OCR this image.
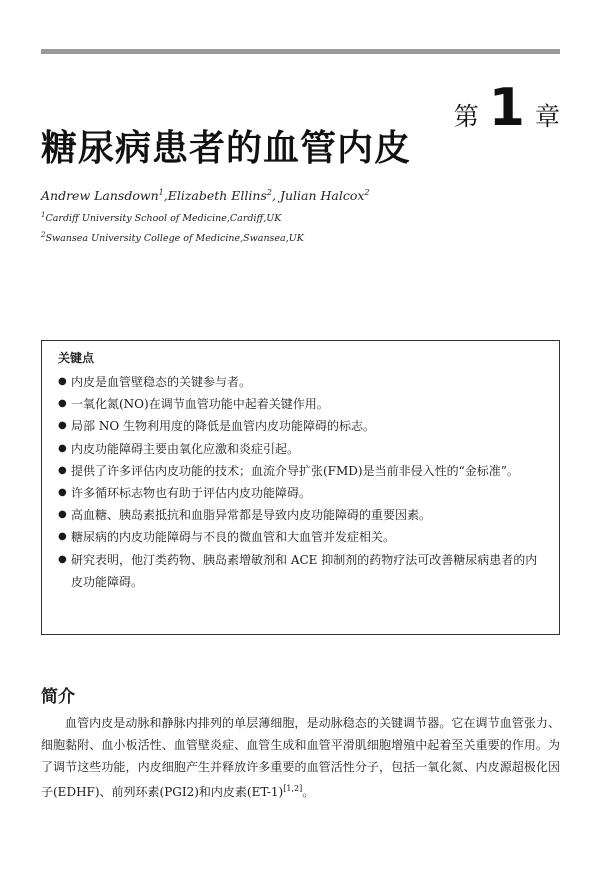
第 1 章
糖尿病患者的血管内皮
Andrew Lansdown$^1$,Elizabeth Ellins$^2$, Julian Halcox$^2$
$^1$Cardiff University School of Medicine,Cardiff,UK
$^2$Swansea University College of Medicine,Swansea,UK
关键点
● 内皮是血管壁稳态的关键参与者。
● 一氧化氮(NO)在调节血管功能中起着关键作用。
● 局部 NO 生物利用度的降低是血管内皮功能障碍的标志。
● 内皮功能障碍主要由氧化应激和炎症引起。
● 提供了许多评估内皮功能的技术；血流介导扩张(FMD)是当前非侵入性的“金标准”。
● 许多循环标志物也有助于评估内皮功能障碍。
● 高血糖、胰岛素抵抗和血脂异常都是导致内皮功能障碍的重要因素。
● 糖尿病的内皮功能障碍与不良的微血管和大血管并发症相关。
● 研究表明，他汀类药物、胰岛素增敏剂和 ACE 抑制剂的药物疗法可改善糖尿病患者的内皮功能障碍。
简介

血管内皮是动脉和静脉内排列的单层薄细胞，是动脉稳态的关键调节器。它在调节血管张力、细胞黏附、血小板活性、血管壁炎症、血管生成和血管平滑肌细胞增殖中起着至关重要的作用。为了调节这些功能，内皮细胞产生并释放许多重要的血管活性分子，包括一氧化氮、内皮源超极化因子(EDHF)、前列环素(PGI2)和内皮素(ET-1)[1,2]。
